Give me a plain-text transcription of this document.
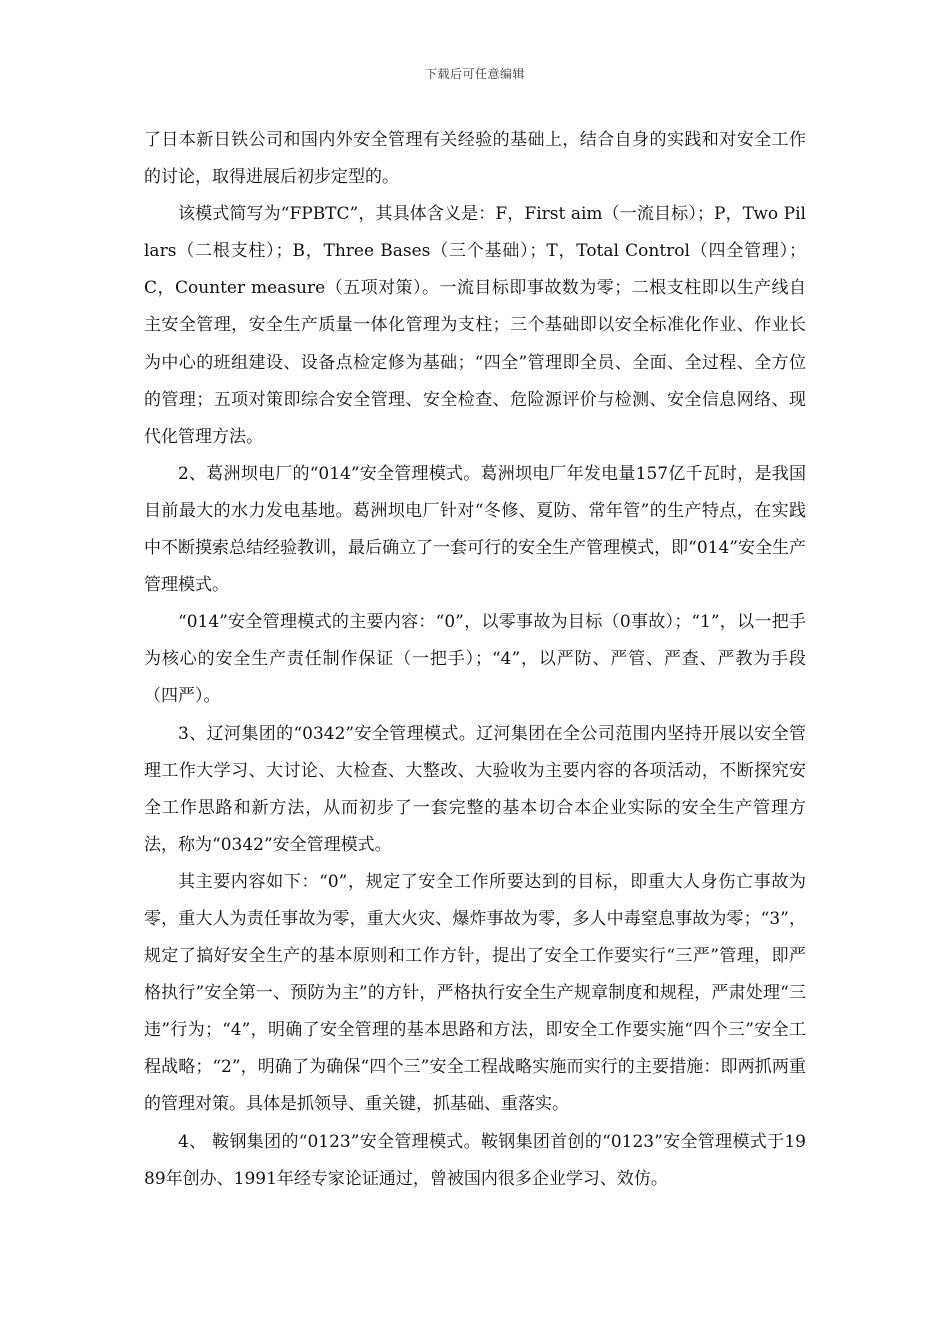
下载后可任意编辑

了日本新日铁公司和国内外安全管理有关经验的基础上，结合自身的实践和对安全工作的讨论，取得进展后初步定型的。

该模式简写为“FPBTC”，其具体含义是：F，First aim（一流目标）；P，Two Pillars（二根支柱）；B，Three Bases（三个基础）；T，Total Control（四全管理）；C，Counter measure（五项对策）。一流目标即事故数为零；二根支柱即以生产线自主安全管理，安全生产质量一体化管理为支柱；三个基础即以安全标准化作业、作业长为中心的班组建设、设备点检定修为基础；“四全”管理即全员、全面、全过程、全方位的管理；五项对策即综合安全管理、安全检查、危险源评价与检测、安全信息网络、现代化管理方法。

2、葛洲坝电厂的“014”安全管理模式。葛洲坝电厂年发电量157亿千瓦时，是我国目前最大的水力发电基地。葛洲坝电厂针对“冬修、夏防、常年管”的生产特点，在实践中不断摸索总结经验教训，最后确立了一套可行的安全生产管理模式，即“014”安全生产管理模式。

“014”安全管理模式的主要内容：“0”，以零事故为目标（0事故）；“1”，以一把手为核心的安全生产责任制作保证（一把手）；“4”，以严防、严管、严查、严教为手段（四严）。

3、辽河集团的“0342”安全管理模式。辽河集团在全公司范围内坚持开展以安全管理工作大学习、大讨论、大检查、大整改、大验收为主要内容的各项活动，不断探究安全工作思路和新方法，从而初步了一套完整的基本切合本企业实际的安全生产管理方法，称为“0342”安全管理模式。

其主要内容如下：“0”，规定了安全工作所要达到的目标，即重大人身伤亡事故为零，重大人为责任事故为零，重大火灾、爆炸事故为零，多人中毒窒息事故为零；“3”，规定了搞好安全生产的基本原则和工作方针，提出了安全工作要实行“三严”管理，即严格执行”安全第一、预防为主”的方针，严格执行安全生产规章制度和规程，严肃处理“三违”行为；“4”，明确了安全管理的基本思路和方法，即安全工作要实施“四个三”安全工程战略；“2”，明确了为确保“四个三”安全工程战略实施而实行的主要措施：即两抓两重的管理对策。具体是抓领导、重关键，抓基础、重落实。

4、 鞍钢集团的“0123”安全管理模式。鞍钢集团首创的“0123”安全管理模式于1989年创办、1991年经专家论证通过，曾被国内很多企业学习、效仿。
